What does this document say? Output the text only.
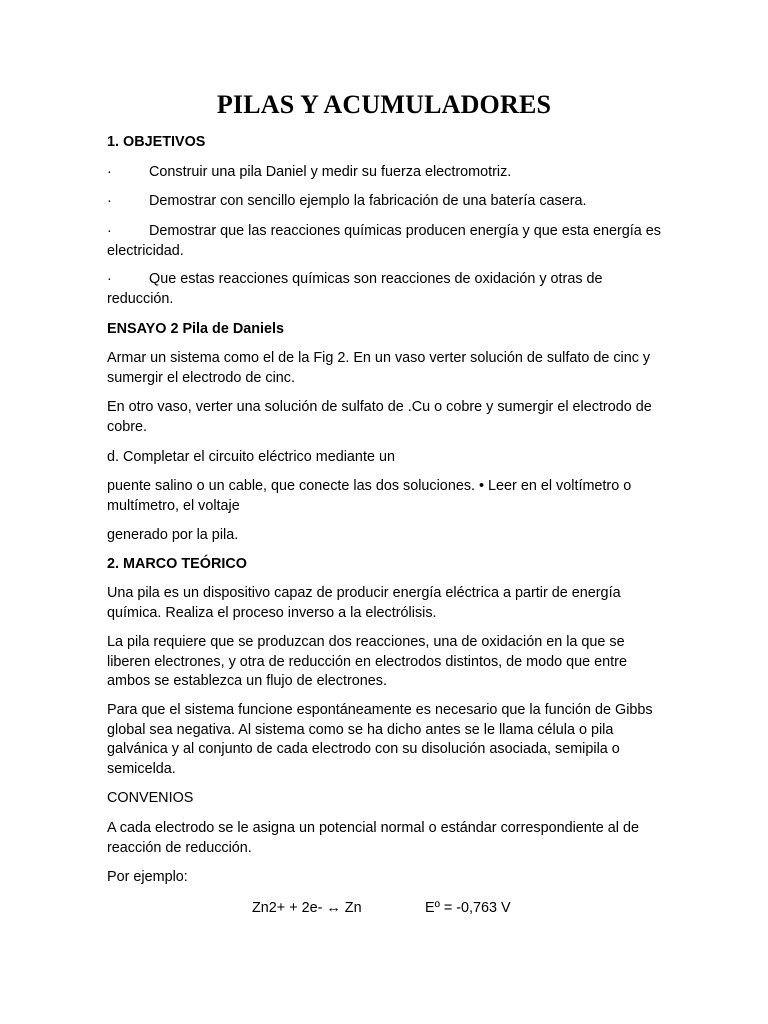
PILAS Y ACUMULADORES
1. OBJETIVOS
·	Construir una pila Daniel y medir su fuerza electromotriz.
·	Demostrar con sencillo ejemplo la fabricación de una batería casera.
·	Demostrar que las reacciones químicas producen energía y que esta energía es electricidad.
·	Que estas reacciones químicas son reacciones de oxidación y otras de reducción.
ENSAYO 2 Pila de Daniels
Armar un sistema como el de la Fig 2. En un vaso verter solución de sulfato de cinc y sumergir el electrodo de cinc.
En otro vaso, verter una solución de sulfato de .Cu o cobre y sumergir el electrodo de cobre.
d. Completar el circuito eléctrico mediante un
puente salino o un cable, que conecte las dos soluciones. • Leer en el voltímetro o multímetro, el voltaje
generado por la pila.
2. MARCO TEÓRICO
Una pila es un dispositivo capaz de producir energía eléctrica a partir de energía química. Realiza el proceso inverso a la electrólisis.
La pila requiere que se produzcan dos reacciones, una de oxidación en la que se liberen electrones, y otra de reducción en electrodos distintos, de modo que entre ambos se establezca un flujo de electrones.
Para que el sistema funcione espontáneamente es necesario que la función de Gibbs global sea negativa. Al sistema como se ha dicho antes se le llama célula o pila galvánica y al conjunto de cada electrodo con su disolución asociada, semipila o semicelda.
CONVENIOS
A cada electrodo se le asigna un potencial normal o estándar correspondiente al de reacción de reducción.
Por ejemplo:
Zn2+ + 2e- ↔ Zn	Eº = -0,763 V
